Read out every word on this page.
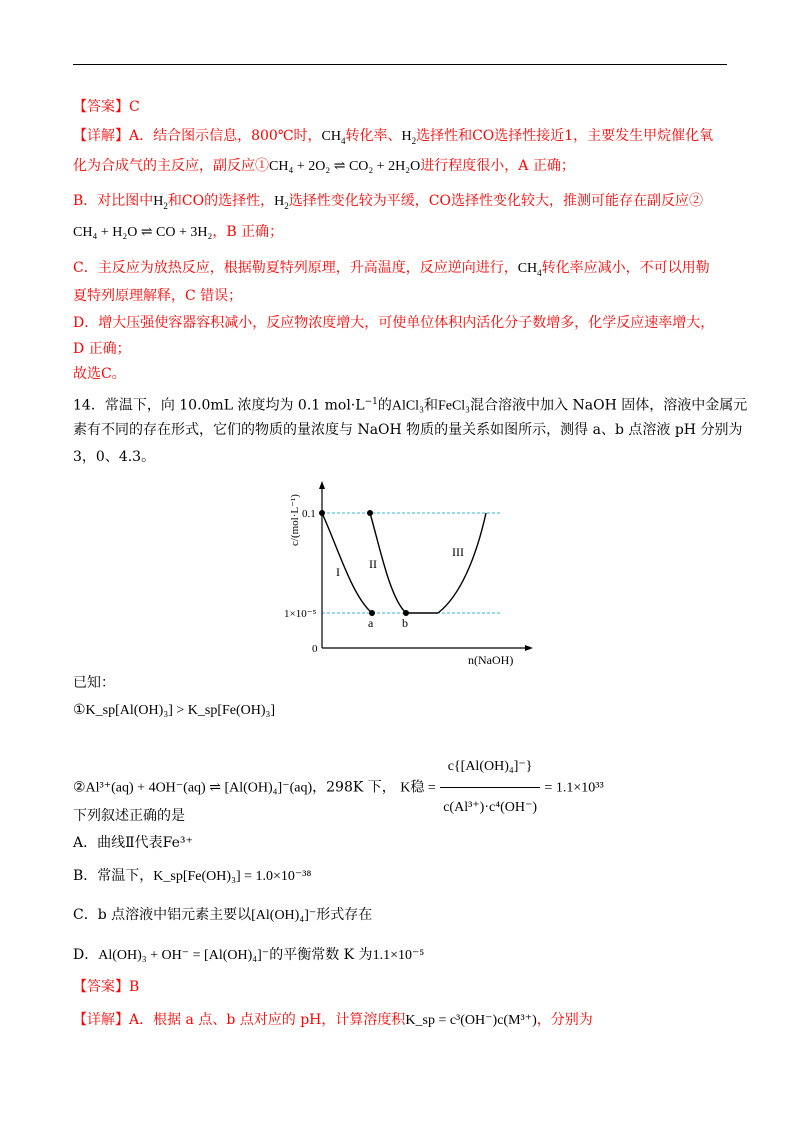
【答案】C
【详解】A．结合图示信息，800℃时，$CH_4$转化率、$H_2$选择性和CO选择性接近1，主要发生甲烷催化氧
化为合成气的主反应，副反应①CH₄ + 2O₂ ⇌ CO₂ + 2H₂O进行程度很小，A 正确；
B．对比图中$H_2$和CO的选择性，$H_2$选择性变化较为平缓，CO选择性变化较大，推测可能存在副反应②
CH₄ + H₂O ⇌ CO + 3H₂，B 正确；
C．主反应为放热反应，根据勒夏特列原理，升高温度，反应逆向进行，$CH_4$转化率应减小，不可以用勒
夏特列原理解释，C 错误；
D．增大压强使容器容积减小，反应物浓度增大，可使单位体积内活化分子数增多，化学反应速率增大，
D 正确；
故选C。
14．常温下，向 10.0mL 浓度均为 0.1 $mol\cdot L^{-1}$的AlCl₃和FeCl₃混合溶液中加入 NaOH 固体，溶液中金属元
素有不同的存在形式，它们的物质的量浓度与 NaOH 物质的量关系如图所示，测得 a、b 点溶液 pH 分别为
3，0、4.3。
I
II
III
a b
0.1
1×10⁻⁵
0
n(NaOH)
c/(mol·L⁻¹)
已知：
①K_sp[Al(OH)₃] > K_sp[Fe(OH)₃]
②Al³⁺(aq) + 4OH⁻(aq) ⇌ [Al(OH)₄]⁻(aq)，298K 下， K稳 = $\frac{\text{c\{[Al(OH)₄]⁻\}}}{\text{c(Al³⁺)·c⁴(OH⁻)}} = 1.1\times 10^{33}$
下列叙述正确的是
A．曲线Ⅱ代表Fe³⁺
B．常温下，K_sp[Fe(OH)₃] = 1.0×10⁻³⁸
C．b 点溶液中铝元素主要以[Al(OH)₄]⁻形式存在
D．Al(OH)₃ + OH⁻ = [Al(OH)₄]⁻的平衡常数 K 为1.1×10⁻⁵
【答案】B
【详解】A．根据 a 点、b 点对应的 pH，计算溶度积K_sp = c³(OH⁻)c(M³⁺)，分别为
